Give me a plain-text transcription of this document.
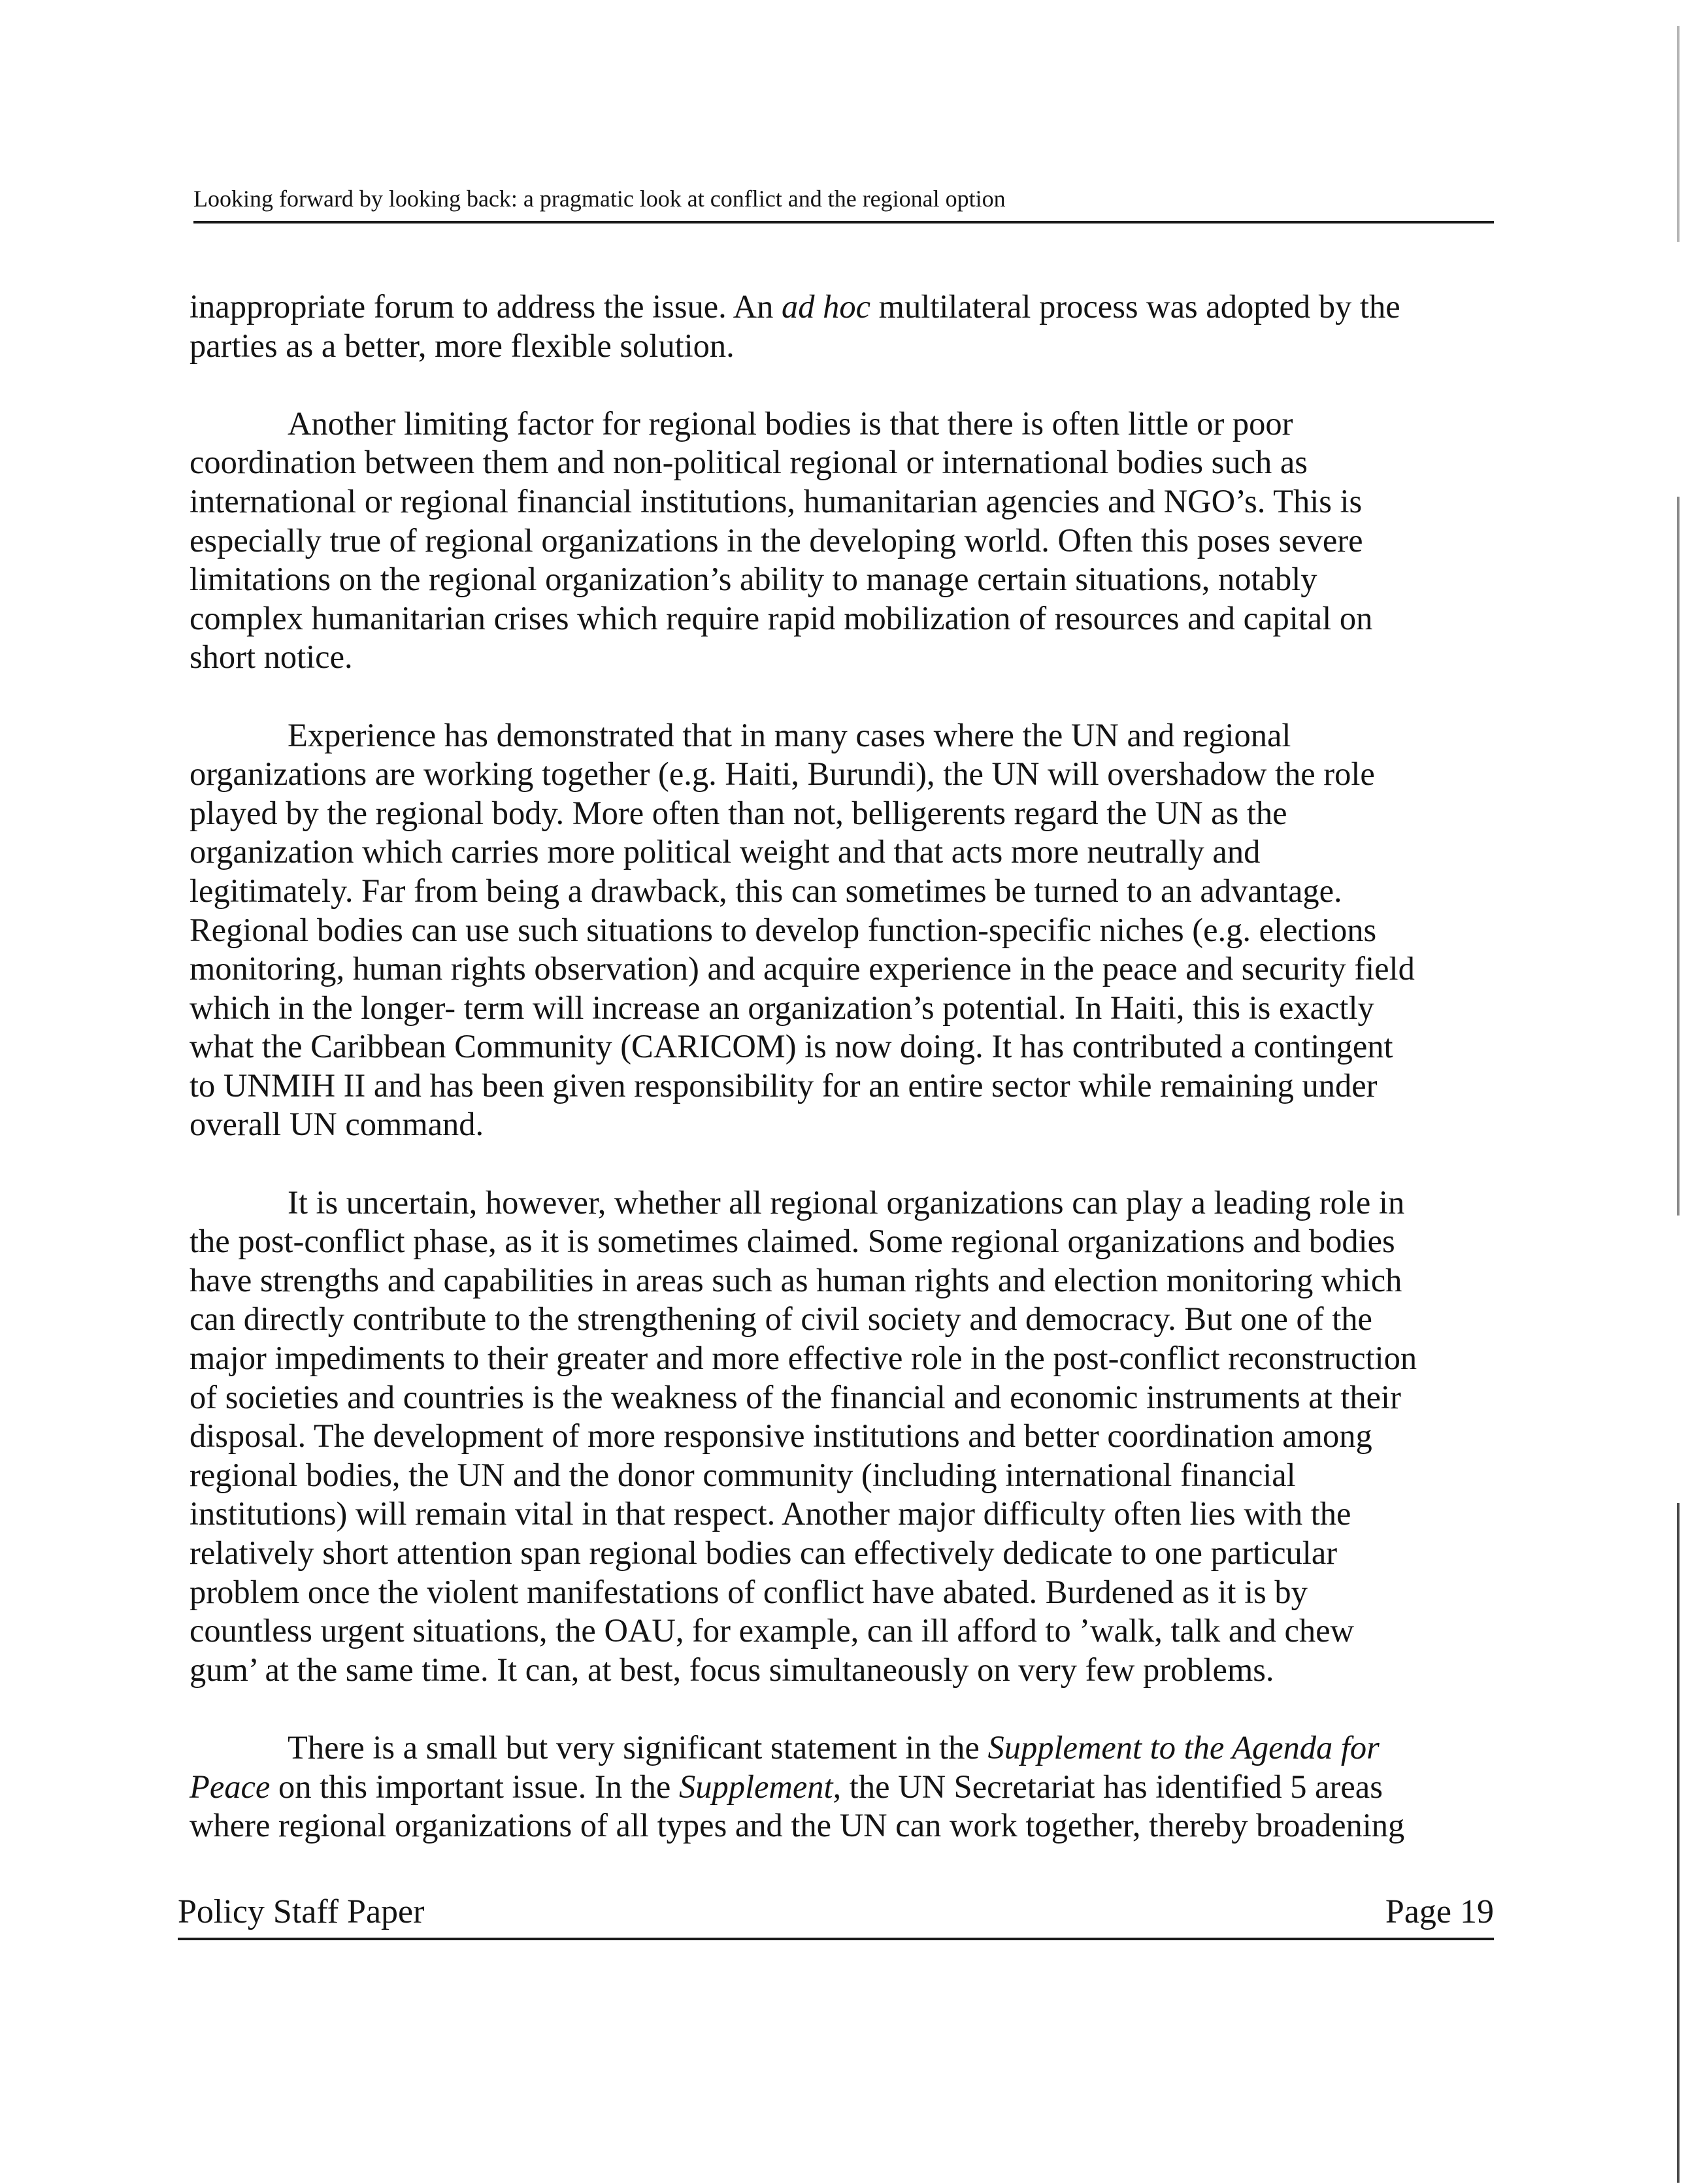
Looking forward by looking back: a pragmatic look at conflict and the regional option

inappropriate forum to address the issue. An ad hoc multilateral process was adopted by the
parties as a better, more flexible solution.

Another limiting factor for regional bodies is that there is often little or poor
coordination between them and non-political regional or international bodies such as
international or regional financial institutions, humanitarian agencies and NGO’s. This is
especially true of regional organizations in the developing world. Often this poses severe
limitations on the regional organization’s ability to manage certain situations, notably
complex humanitarian crises which require rapid mobilization of resources and capital on
short notice.

Experience has demonstrated that in many cases where the UN and regional
organizations are working together (e.g. Haiti, Burundi), the UN will overshadow the role
played by the regional body. More often than not, belligerents regard the UN as the
organization which carries more political weight and that acts more neutrally and
legitimately. Far from being a drawback, this can sometimes be turned to an advantage.
Regional bodies can use such situations to develop function-specific niches (e.g. elections
monitoring, human rights observation) and acquire experience in the peace and security field
which in the longer- term will increase an organization’s potential. In Haiti, this is exactly
what the Caribbean Community (CARICOM) is now doing. It has contributed a contingent
to UNMIH II and has been given responsibility for an entire sector while remaining under
overall UN command.

It is uncertain, however, whether all regional organizations can play a leading role in
the post-conflict phase, as it is sometimes claimed. Some regional organizations and bodies
have strengths and capabilities in areas such as human rights and election monitoring which
can directly contribute to the strengthening of civil society and democracy. But one of the
major impediments to their greater and more effective role in the post-conflict reconstruction
of societies and countries is the weakness of the financial and economic instruments at their
disposal. The development of more responsive institutions and better coordination among
regional bodies, the UN and the donor community (including international financial
institutions) will remain vital in that respect. Another major difficulty often lies with the
relatively short attention span regional bodies can effectively dedicate to one particular
problem once the violent manifestations of conflict have abated. Burdened as it is by
countless urgent situations, the OAU, for example, can ill afford to ’walk, talk and chew
gum’ at the same time. It can, at best, focus simultaneously on very few problems.

There is a small but very significant statement in the Supplement to the Agenda for
Peace on this important issue. In the Supplement, the UN Secretariat has identified 5 areas
where regional organizations of all types and the UN can work together, thereby broadening

Policy Staff Paper	Page 19
